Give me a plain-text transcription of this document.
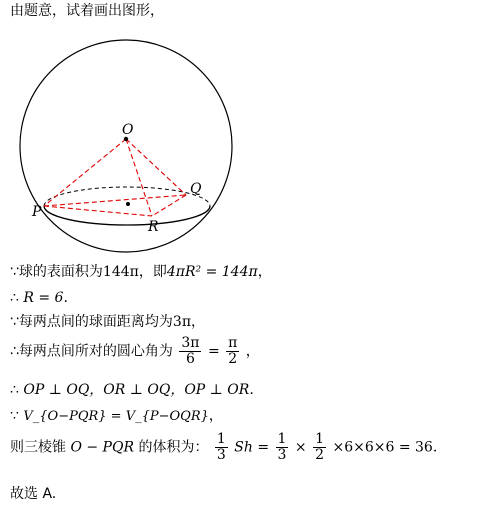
由题意，试着画出图形，
O
Q
P
R
∵球的表面积为144π，即4πR² = 144π，
∴ R = 6.
∵每两点间的球面距离均为3π，
∴每两点间所对的圆心角为 $\frac{3\pi}{6} = \frac{\pi}{2}$ ，
∴ OP ⊥ OQ，OR ⊥ OQ，OP ⊥ OR.
∵ V_{O−PQR} = V_{P−OQR}，
则三棱锥 O − PQR 的体积为： $\frac{1}{3}$ $Sh = \frac{1}{3} \times \frac{1}{2} \times 6\times 6\times 6 = 36$.
故选 A.
